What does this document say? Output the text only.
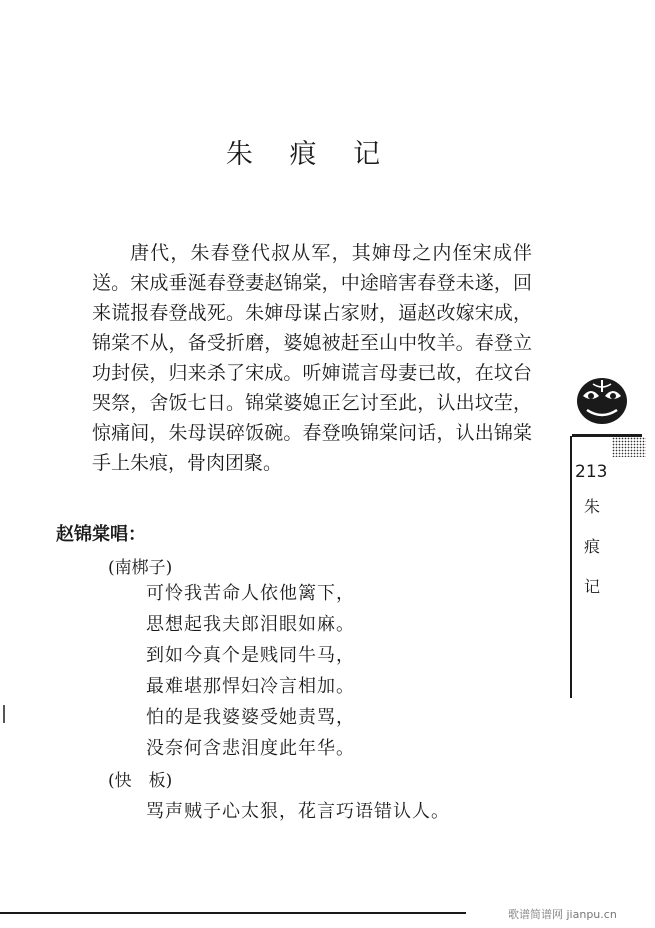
朱 痕 记

唐代，朱春登代叔从军，其婶母之内侄宋成伴送。宋成垂涎春登妻赵锦棠，中途暗害春登未遂，回来谎报春登战死。朱婶母谋占家财，逼赵改嫁宋成，锦棠不从，备受折磨，婆媳被赶至山中牧羊。春登立功封侯，归来杀了宋成。听婶谎言母妻已故，在坟台哭祭，舍饭七日。锦棠婆媳正乞讨至此，认出坟茔，惊痛间，朱母误碎饭碗。春登唤锦棠问话，认出锦棠手上朱痕，骨肉团聚。

赵锦棠唱：
(南梆子)
可怜我苦命人依他篱下，
思想起我夫郎泪眼如麻。
到如今真个是贱同牛马，
最难堪那悍妇冷言相加。
怕的是我婆婆受她责骂，
没奈何含悲泪度此年华。
(快　板)
骂声贼子心太狠，花言巧语错认人。
213
朱
痕
记
歌谱简谱网 jianpu.cn
